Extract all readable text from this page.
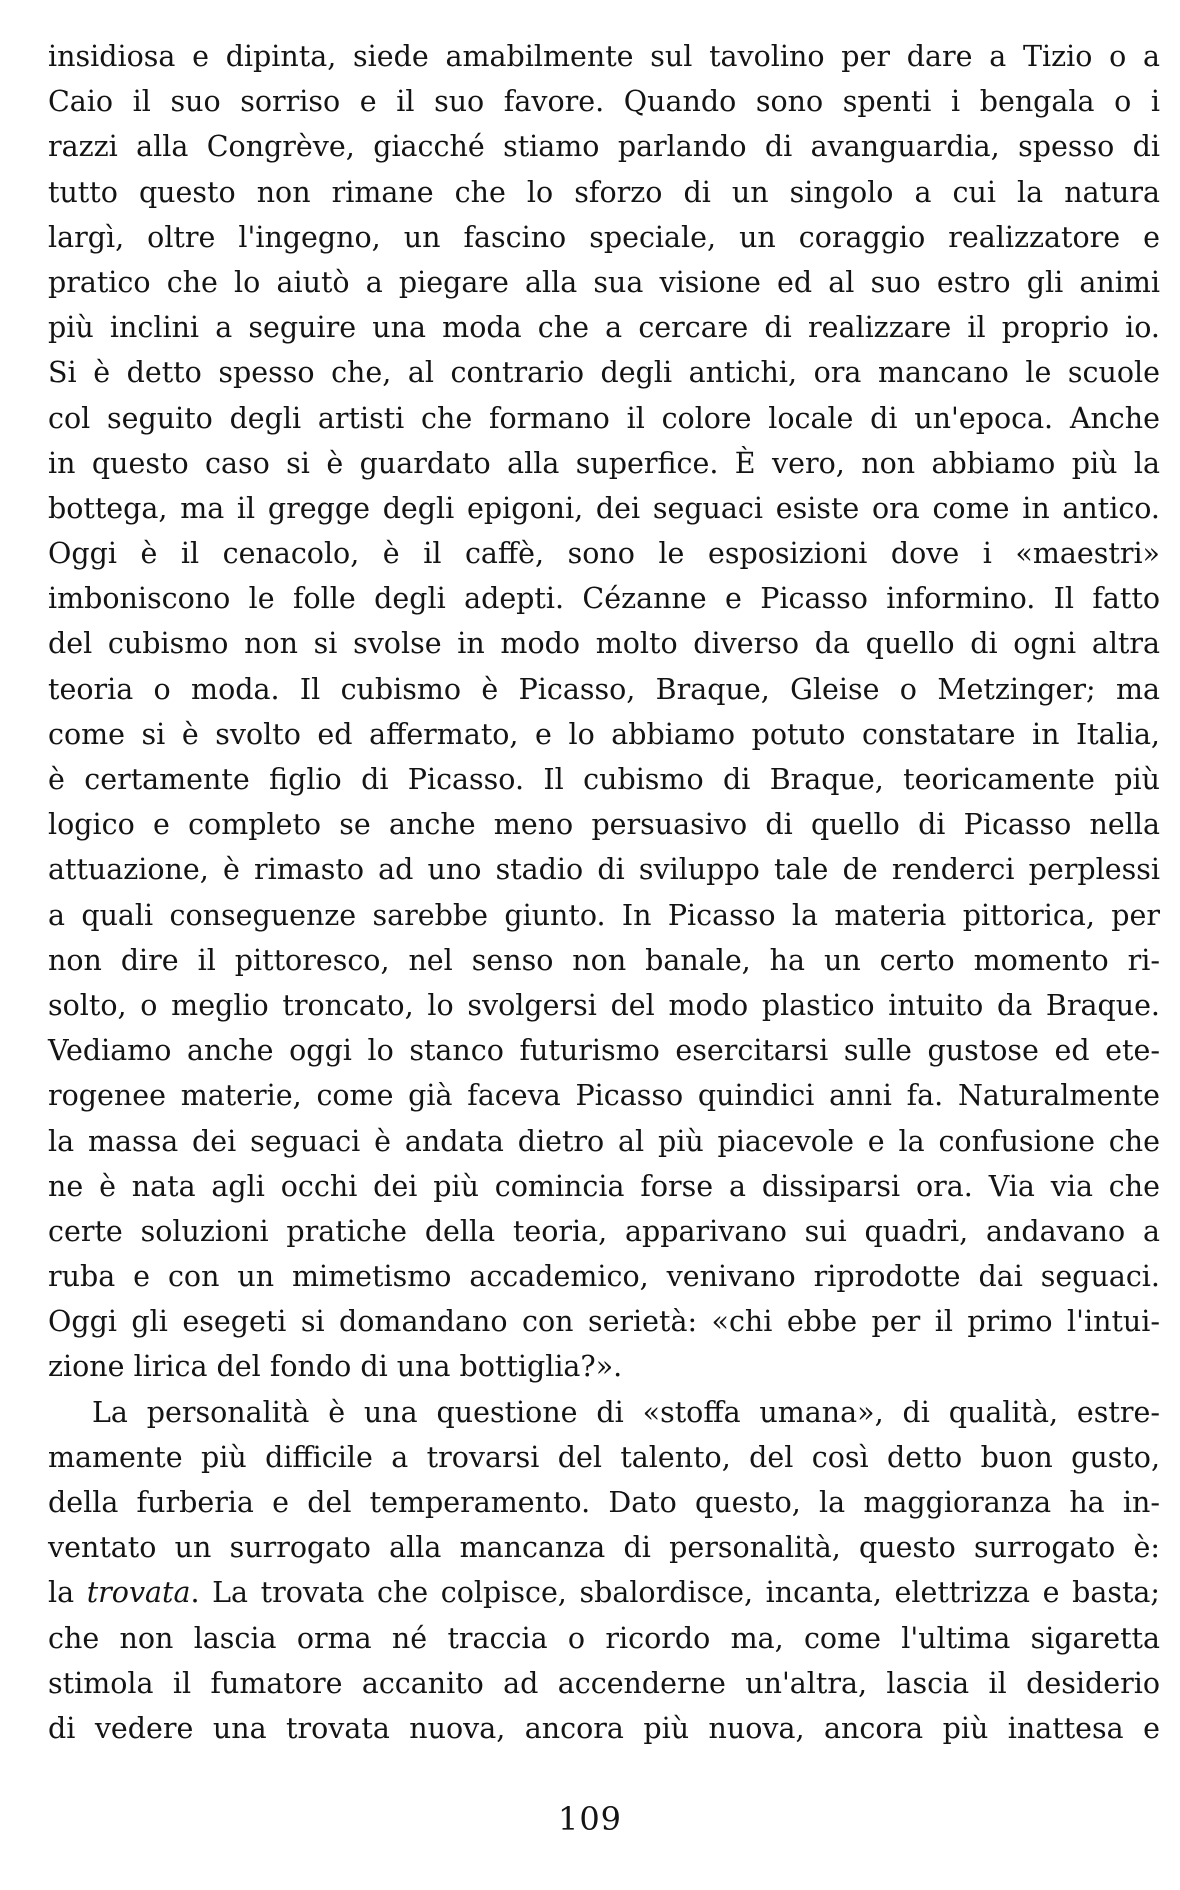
insidiosa e dipinta, siede amabilmente sul tavolino per dare a Tizio o a
Caio il suo sorriso e il suo favore. Quando sono spenti i bengala o i
razzi alla Congrève, giacché stiamo parlando di avanguardia, spesso di
tutto questo non rimane che lo sforzo di un singolo a cui la natura
largì, oltre l'ingegno, un fascino speciale, un coraggio realizzatore e
pratico che lo aiutò a piegare alla sua visione ed al suo estro gli animi
più inclini a seguire una moda che a cercare di realizzare il proprio io.
Si è detto spesso che, al contrario degli antichi, ora mancano le scuole
col seguito degli artisti che formano il colore locale di un'epoca. Anche
in questo caso si è guardato alla superfice. È vero, non abbiamo più la
bottega, ma il gregge degli epigoni, dei seguaci esiste ora come in antico.
Oggi è il cenacolo, è il caffè, sono le esposizioni dove i «maestri»
imboniscono le folle degli adepti. Cézanne e Picasso informino. Il fatto
del cubismo non si svolse in modo molto diverso da quello di ogni altra
teoria o moda. Il cubismo è Picasso, Braque, Gleise o Metzinger; ma
come si è svolto ed affermato, e lo abbiamo potuto constatare in Italia,
è certamente figlio di Picasso. Il cubismo di Braque, teoricamente più
logico e completo se anche meno persuasivo di quello di Picasso nella
attuazione, è rimasto ad uno stadio di sviluppo tale de renderci perplessi
a quali conseguenze sarebbe giunto. In Picasso la materia pittorica, per
non dire il pittoresco, nel senso non banale, ha un certo momento ri-
solto, o meglio troncato, lo svolgersi del modo plastico intuito da Braque.
Vediamo anche oggi lo stanco futurismo esercitarsi sulle gustose ed ete-
rogenee materie, come già faceva Picasso quindici anni fa. Naturalmente
la massa dei seguaci è andata dietro al più piacevole e la confusione che
ne è nata agli occhi dei più comincia forse a dissiparsi ora. Via via che
certe soluzioni pratiche della teoria, apparivano sui quadri, andavano a
ruba e con un mimetismo accademico, venivano riprodotte dai seguaci.
Oggi gli esegeti si domandano con serietà: «chi ebbe per il primo l'intui-
zione lirica del fondo di una bottiglia?».

La personalità è una questione di «stoffa umana», di qualità, estre-
mamente più difficile a trovarsi del talento, del così detto buon gusto,
della furberia e del temperamento. Dato questo, la maggioranza ha in-
ventato un surrogato alla mancanza di personalità, questo surrogato è:
la trovata. La trovata che colpisce, sbalordisce, incanta, elettrizza e basta;
che non lascia orma né traccia o ricordo ma, come l'ultima sigaretta
stimola il fumatore accanito ad accenderne un'altra, lascia il desiderio
di vedere una trovata nuova, ancora più nuova, ancora più inattesa e

109
